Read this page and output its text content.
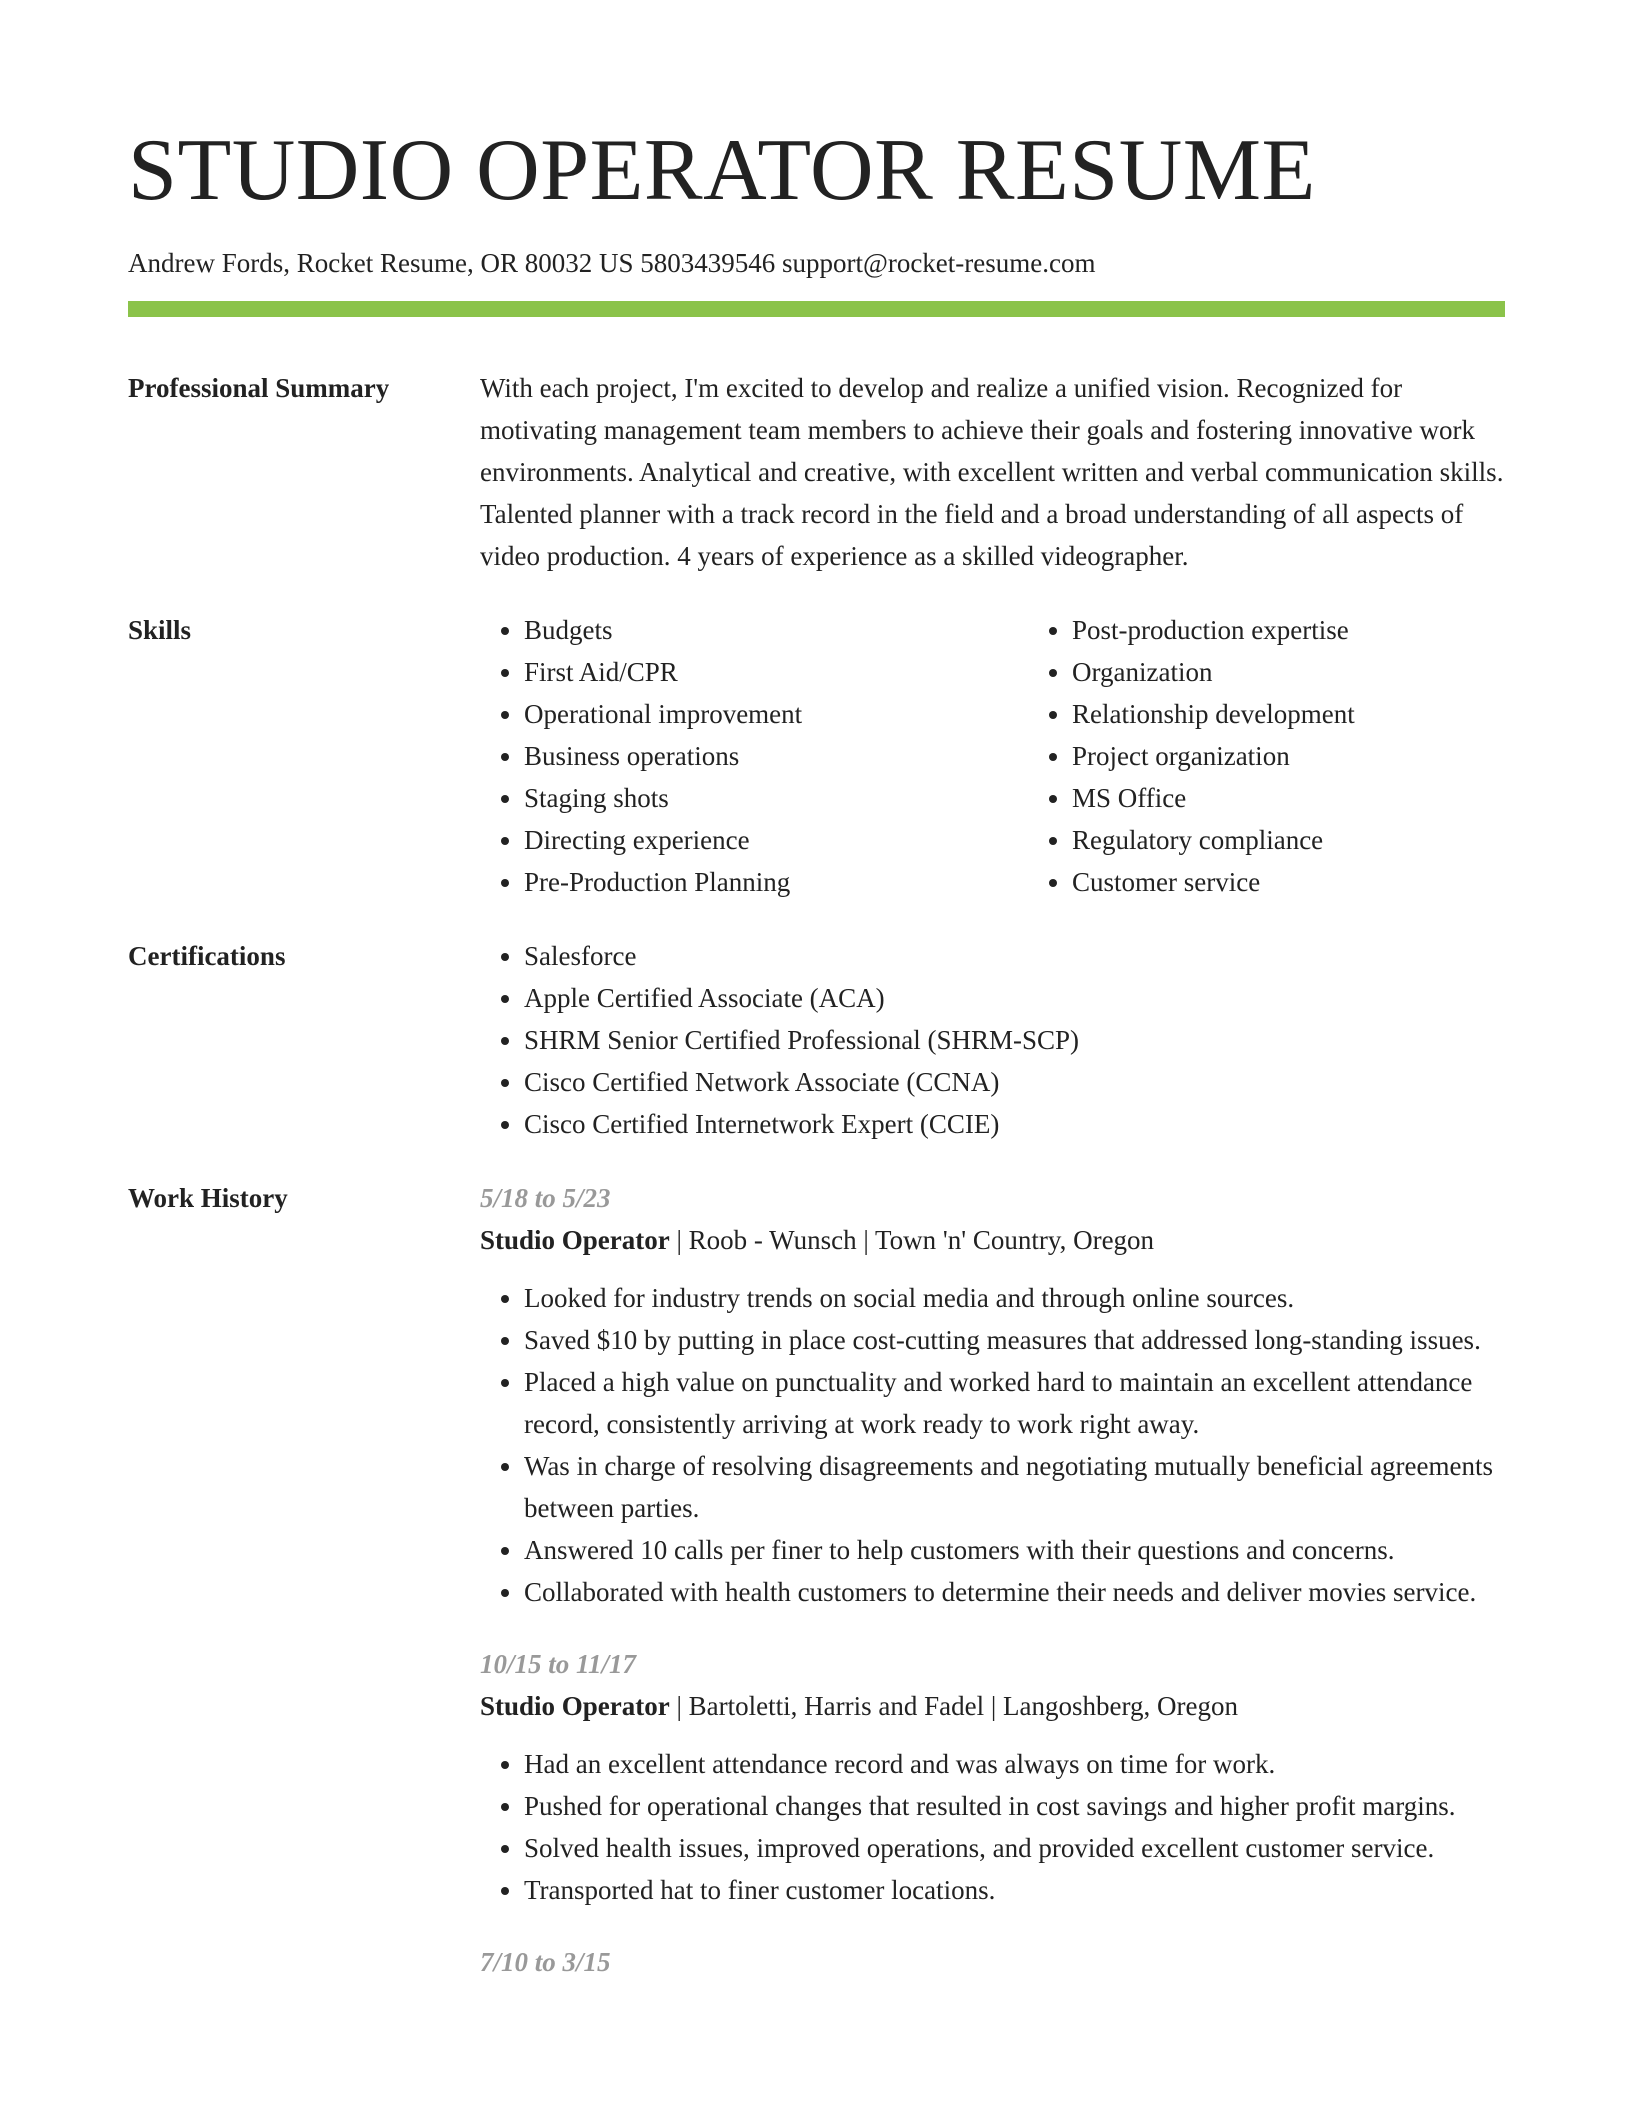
STUDIO OPERATOR RESUME
Andrew Fords, Rocket Resume, OR 80032 US 5803439546 support@rocket-resume.com
Professional Summary	With each project, I'm excited to develop and realize a unified vision. Recognized for motivating management team members to achieve their goals and fostering innovative work environments. Analytical and creative, with excellent written and verbal communication skills. Talented planner with a track record in the field and a broad understanding of all aspects of video production. 4 years of experience as a skilled videographer.

Skills	• Budgets
• First Aid/CPR
• Operational improvement
• Business operations
• Staging shots
• Directing experience
• Pre-Production Planning
• Post-production expertise
• Organization
• Relationship development
• Project organization
• MS Office
• Regulatory compliance
• Customer service
Certifications	• Salesforce
• Apple Certified Associate (ACA)
• SHRM Senior Certified Professional (SHRM-SCP)
• Cisco Certified Network Associate (CCNA)
• Cisco Certified Internetwork Expert (CCIE)
Work History	5/18 to 5/23
Studio Operator | Roob - Wunsch | Town 'n' Country, Oregon
• Looked for industry trends on social media and through online sources.
• Saved $10 by putting in place cost-cutting measures that addressed long-standing issues.
• Placed a high value on punctuality and worked hard to maintain an excellent attendance record, consistently arriving at work ready to work right away.
• Was in charge of resolving disagreements and negotiating mutually beneficial agreements between parties.
• Answered 10 calls per finer to help customers with their questions and concerns.
• Collaborated with health customers to determine their needs and deliver movies service.
10/15 to 11/17
Studio Operator | Bartoletti, Harris and Fadel | Langoshberg, Oregon
• Had an excellent attendance record and was always on time for work.
• Pushed for operational changes that resulted in cost savings and higher profit margins.
• Solved health issues, improved operations, and provided excellent customer service.
• Transported hat to finer customer locations.
7/10 to 3/15
